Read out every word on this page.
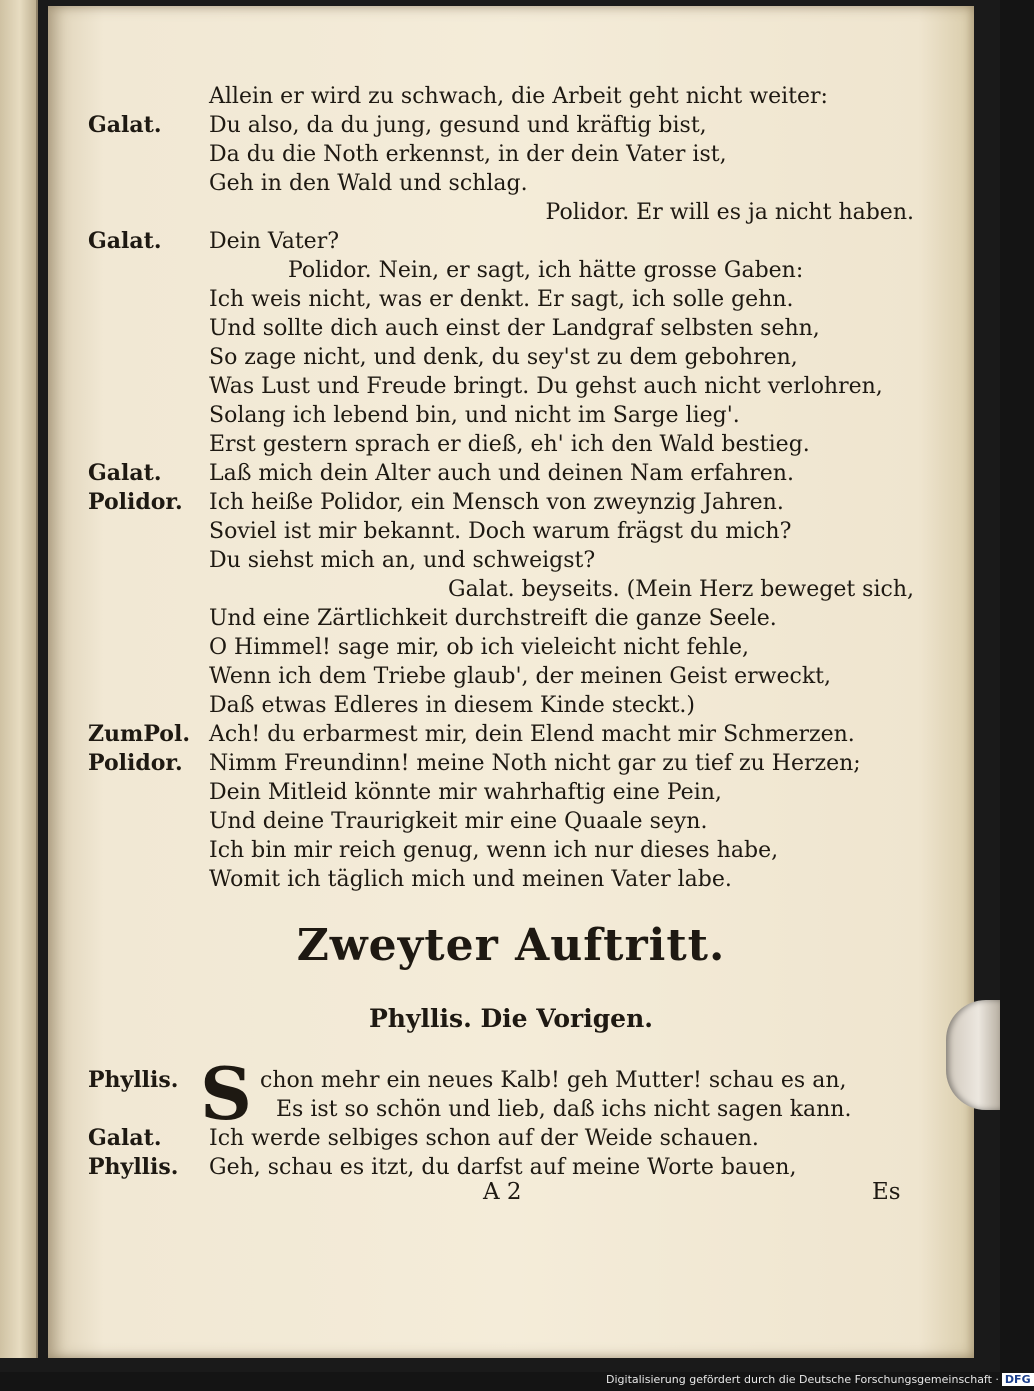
Allein er wird zu schwach, die Arbeit geht nicht weiter:
Galat. Du also, da du jung, gesund und kräftig bist,
Da du die Noth erkennst, in der dein Vater ist,
Geh in den Wald und schlag.
Polidor. Er will es ja nicht haben.
Galat. Dein Vater?
Polidor. Nein, er sagt, ich hätte grosse Gaben:
Ich weis nicht, was er denkt. Er sagt, ich solle gehn.
Und sollte dich auch einst der Landgraf selbsten sehn,
So zage nicht, und denk, du sey'st zu dem gebohren,
Was Lust und Freude bringt. Du gehst auch nicht verlohren,
Solang ich lebend bin, und nicht im Sarge lieg'.
Erst gestern sprach er dieß, eh' ich den Wald bestieg.
Galat. Laß mich dein Alter auch und deinen Nam erfahren.
Polidor. Ich heiße Polidor, ein Mensch von zweynzig Jahren.
Soviel ist mir bekannt. Doch warum frägst du mich?
Du siehst mich an, und schweigst?
Galat. beyseits. (Mein Herz beweget sich,
Und eine Zärtlichkeit durchstreift die ganze Seele.
O Himmel! sage mir, ob ich vieleicht nicht fehle,
Wenn ich dem Triebe glaub', der meinen Geist erweckt,
Daß etwas Edleres in diesem Kinde steckt.)
ZumPol. Ach! du erbarmest mir, dein Elend macht mir Schmerzen.
Polidor. Nimm Freundinn! meine Noth nicht gar zu tief zu Herzen;
Dein Mitleid könnte mir wahrhaftig eine Pein,
Und deine Traurigkeit mir eine Quaale seyn.
Ich bin mir reich genug, wenn ich nur dieses habe,
Womit ich täglich mich und meinen Vater labe.
Zweyter Auftritt.
Phyllis. Die Vorigen.
Phyllis. S chon mehr ein neues Kalb! geh Mutter! schau es an,
Es ist so schön und lieb, daß ichs nicht sagen kann.
Galat. Ich werde selbiges schon auf der Weide schauen.
Phyllis. Geh, schau es itzt, du darfst auf meine Worte bauen,
A 2	Es
Digitalisierung gefördert durch die Deutsche Forschungsgemeinschaft · DFG
